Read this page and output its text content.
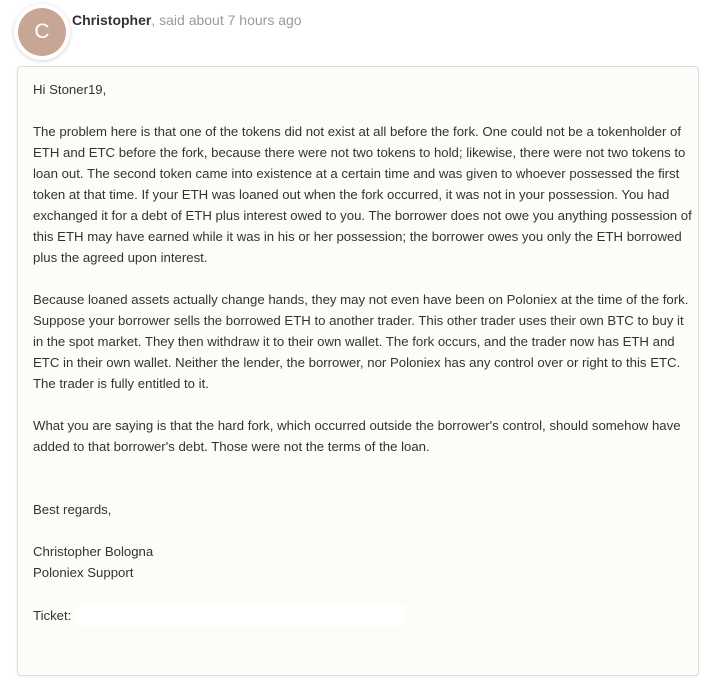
C Christopher, said about 7 hours ago

Hi Stoner19,

The problem here is that one of the tokens did not exist at all before the fork. One could not be a tokenholder of ETH and ETC before the fork, because there were not two tokens to hold; likewise, there were not two tokens to loan out. The second token came into existence at a certain time and was given to whoever possessed the first token at that time. If your ETH was loaned out when the fork occurred, it was not in your possession. You had exchanged it for a debt of ETH plus interest owed to you. The borrower does not owe you anything possession of this ETH may have earned while it was in his or her possession; the borrower owes you only the ETH borrowed plus the agreed upon interest.

Because loaned assets actually change hands, they may not even have been on Poloniex at the time of the fork. Suppose your borrower sells the borrowed ETH to another trader. This other trader uses their own BTC to buy it in the spot market. They then withdraw it to their own wallet. The fork occurs, and the trader now has ETH and ETC in their own wallet. Neither the lender, the borrower, nor Poloniex has any control over or right to this ETC. The trader is fully entitled to it.

What you are saying is that the hard fork, which occurred outside the borrower's control, should somehow have added to that borrower's debt. Those were not the terms of the loan.

Best regards,

Christopher Bologna

Poloniex Support

Ticket:
